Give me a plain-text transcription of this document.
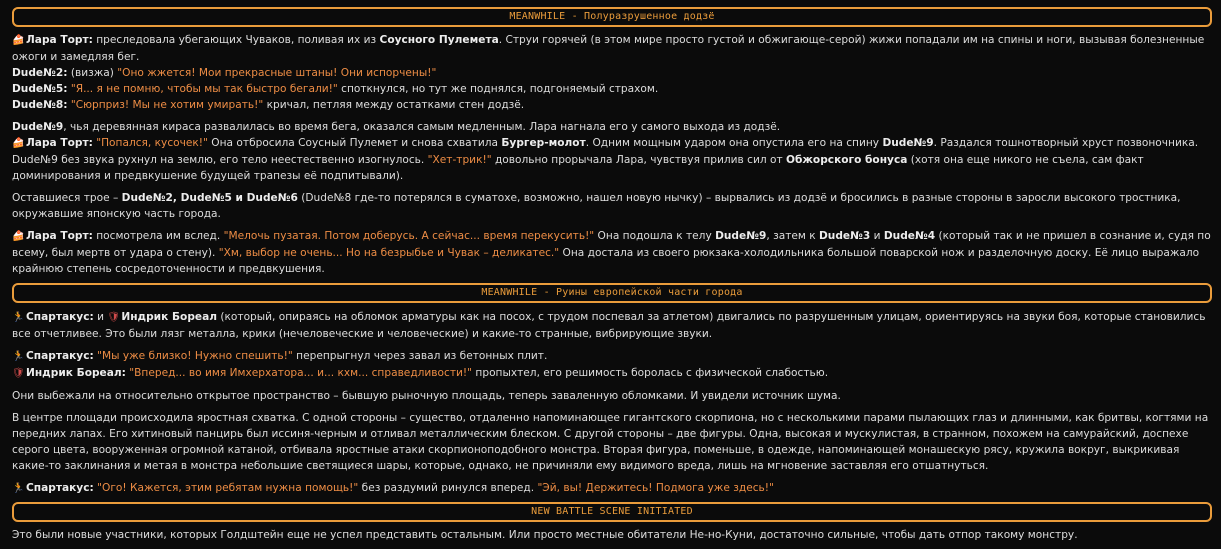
MEANWHILE - Полуразрушенное додзё

🍰 Лара Торт: преследовала убегающих Чуваков, поливая их из Соусного Пулемета. Струи горячей (в этом мире просто густой и обжигающе-серой) жижи попадали им на спины и ноги, вызывая болезненные ожоги и замедляя бег.

Dude№2: (визжа) "Оно жжется! Мои прекрасные штаны! Они испорчены!"

Dude№5: "Я... я не помню, чтобы мы так быстро бегали!" споткнулся, но тут же поднялся, подгоняемый страхом.

Dude№8: "Сюрприз! Мы не хотим умирать!" кричал, петляя между остатками стен додзё.

Dude№9, чья деревянная кираса развалилась во время бега, оказался самым медленным. Лара нагнала его у самого выхода из додзё.

🍰 Лара Торт: "Попался, кусочек!" Она отбросила Соусный Пулемет и снова схватила Бургер-молот. Одним мощным ударом она опустила его на спину Dude№9. Раздался тошнотворный хруст позвоночника. Dude№9 без звука рухнул на землю, его тело неестественно изогнулось. "Хет-трик!" довольно прорычала Лара, чувствуя прилив сил от Обжорского бонуса (хотя она еще никого не съела, сам факт доминирования и предвкушение будущей трапезы её подпитывали).

Оставшиеся трое – Dude№2, Dude№5 и Dude№6 (Dude№8 где-то потерялся в суматохе, возможно, нашел новую нычку) – вырвались из додзё и бросились в разные стороны в заросли высокого тростника, окружавшие японскую часть города.

🍰 Лара Торт: посмотрела им вслед. "Мелочь пузатая. Потом доберусь. А сейчас... время перекусить!" Она подошла к телу Dude№9, затем к Dude№3 и Dude№4 (который так и не пришел в сознание и, судя по всему, был мертв от удара о стену). "Хм, выбор не очень... Но на безрыбье и Чувак – деликатес." Она достала из своего рюкзака-холодильника большой поварской нож и разделочную доску. Её лицо выражало крайнюю степень сосредоточенности и предвкушения.

MEANWHILE - Руины европейской части города

🏃 Спартакус: и 🛡Индрик Бореал (который, опираясь на обломок арматуры как на посох, с трудом поспевал за атлетом) двигались по разрушенным улицам, ориентируясь на звуки боя, которые становились все отчетливее. Это были лязг металла, крики (нечеловеческие и человеческие) и какие-то странные, вибрирующие звуки.

🏃 Спартакус: "Мы уже близко! Нужно спешить!" перепрыгнул через завал из бетонных плит.

🛡Индрик Бореал: "Вперед... во имя Имхерхатора... и... кхм... справедливости!" пропыхтел, его решимость боролась с физической слабостью.

Они выбежали на относительно открытое пространство – бывшую рыночную площадь, теперь заваленную обломками. И увидели источник шума.

В центре площади происходила яростная схватка. С одной стороны – существо, отдаленно напоминающее гигантского скорпиона, но с несколькими парами пылающих глаз и длинными, как бритвы, когтями на передних лапах. Его хитиновый панцирь был иссиня-черным и отливал металлическим блеском. С другой стороны – две фигуры. Одна, высокая и мускулистая, в странном, похожем на самурайский, доспехе серого цвета, вооруженная огромной катаной, отбивала яростные атаки скорпионоподобного монстра. Вторая фигура, поменьше, в одежде, напоминающей монашескую рясу, кружила вокруг, выкрикивая какие-то заклинания и метая в монстра небольшие светящиеся шары, которые, однако, не причиняли ему видимого вреда, лишь на мгновение заставляя его отшатнуться.

🏃 Спартакус: "Ого! Кажется, этим ребятам нужна помощь!" без раздумий ринулся вперед. "Эй, вы! Держитесь! Подмога уже здесь!"

NEW BATTLE SCENE INITIATED

Это были новые участники, которых Голдштейн еще не успел представить остальным. Или просто местные обитатели Не-но-Куни, достаточно сильные, чтобы дать отпор такому монстру.
